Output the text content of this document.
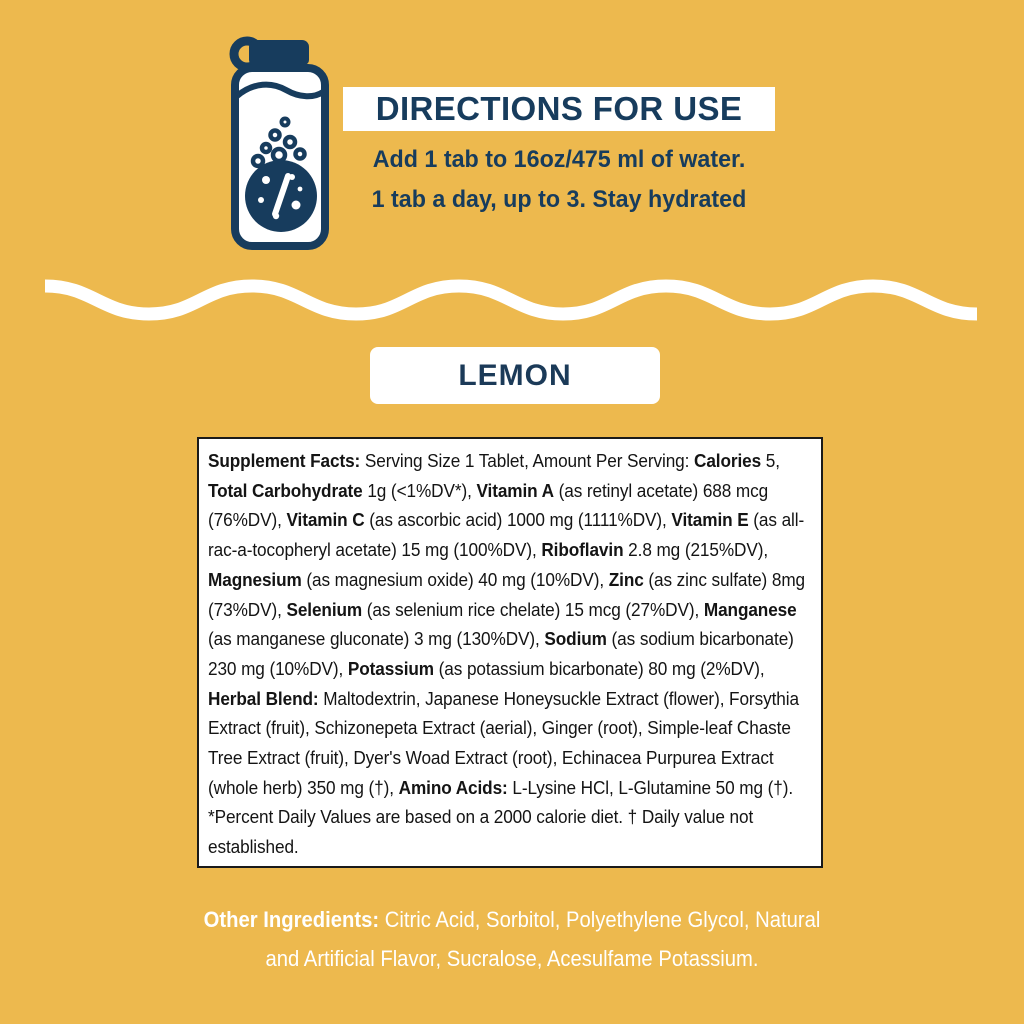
DIRECTIONS FOR USE
Add 1 tab to 16oz/475 ml of water.
1 tab a day, up to 3. Stay hydrated
LEMON
Supplement Facts: Serving Size 1 Tablet, Amount Per Serving: Calories 5, Total Carbohydrate 1g (<1%DV*), Vitamin A (as retinyl acetate) 688 mcg (76%DV), Vitamin C (as ascorbic acid) 1000 mg (1111%DV), Vitamin E (as all-rac-a-tocopheryl acetate) 15 mg (100%DV), Riboflavin 2.8 mg (215%DV), Magnesium (as magnesium oxide) 40 mg (10%DV), Zinc (as zinc sulfate) 8mg (73%DV), Selenium (as selenium rice chelate) 15 mcg (27%DV), Manganese (as manganese gluconate) 3 mg (130%DV), Sodium (as sodium bicarbonate) 230 mg (10%DV), Potassium (as potassium bicarbonate) 80 mg (2%DV), Herbal Blend: Maltodextrin, Japanese Honeysuckle Extract (flower), Forsythia Extract (fruit), Schizonepeta Extract (aerial), Ginger (root), Simple-leaf Chaste Tree Extract (fruit), Dyer's Woad Extract (root), Echinacea Purpurea Extract (whole herb) 350 mg (†), Amino Acids: L-Lysine HCl, L-Glutamine 50 mg (†). *Percent Daily Values are based on a 2000 calorie diet. † Daily value not established.
Other Ingredients: Citric Acid, Sorbitol, Polyethylene Glycol, Natural
and Artificial Flavor, Sucralose, Acesulfame Potassium.
